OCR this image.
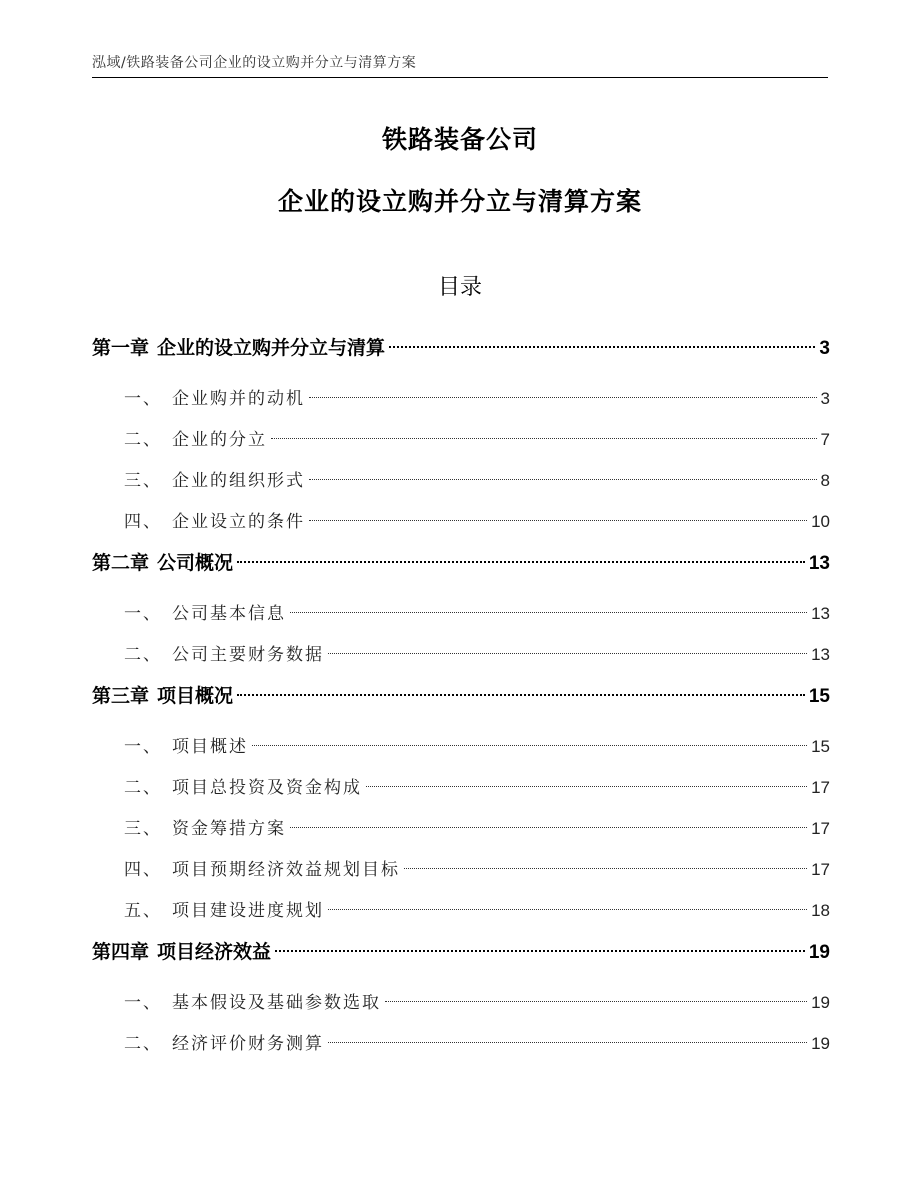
泓域/铁路装备公司企业的设立购并分立与清算方案
铁路装备公司
企业的设立购并分立与清算方案
目录
第一章 企业的设立购并分立与清算	3
一、 企业购并的动机	3
二、 企业的分立	7
三、 企业的组织形式	8
四、 企业设立的条件	10
第二章 公司概况	13
一、 公司基本信息	13
二、 公司主要财务数据	13
第三章 项目概况	15
一、 项目概述	15
二、 项目总投资及资金构成	17
三、 资金筹措方案	17
四、 项目预期经济效益规划目标	17
五、 项目建设进度规划	18
第四章 项目经济效益	19
一、 基本假设及基础参数选取	19
二、 经济评价财务测算	19
